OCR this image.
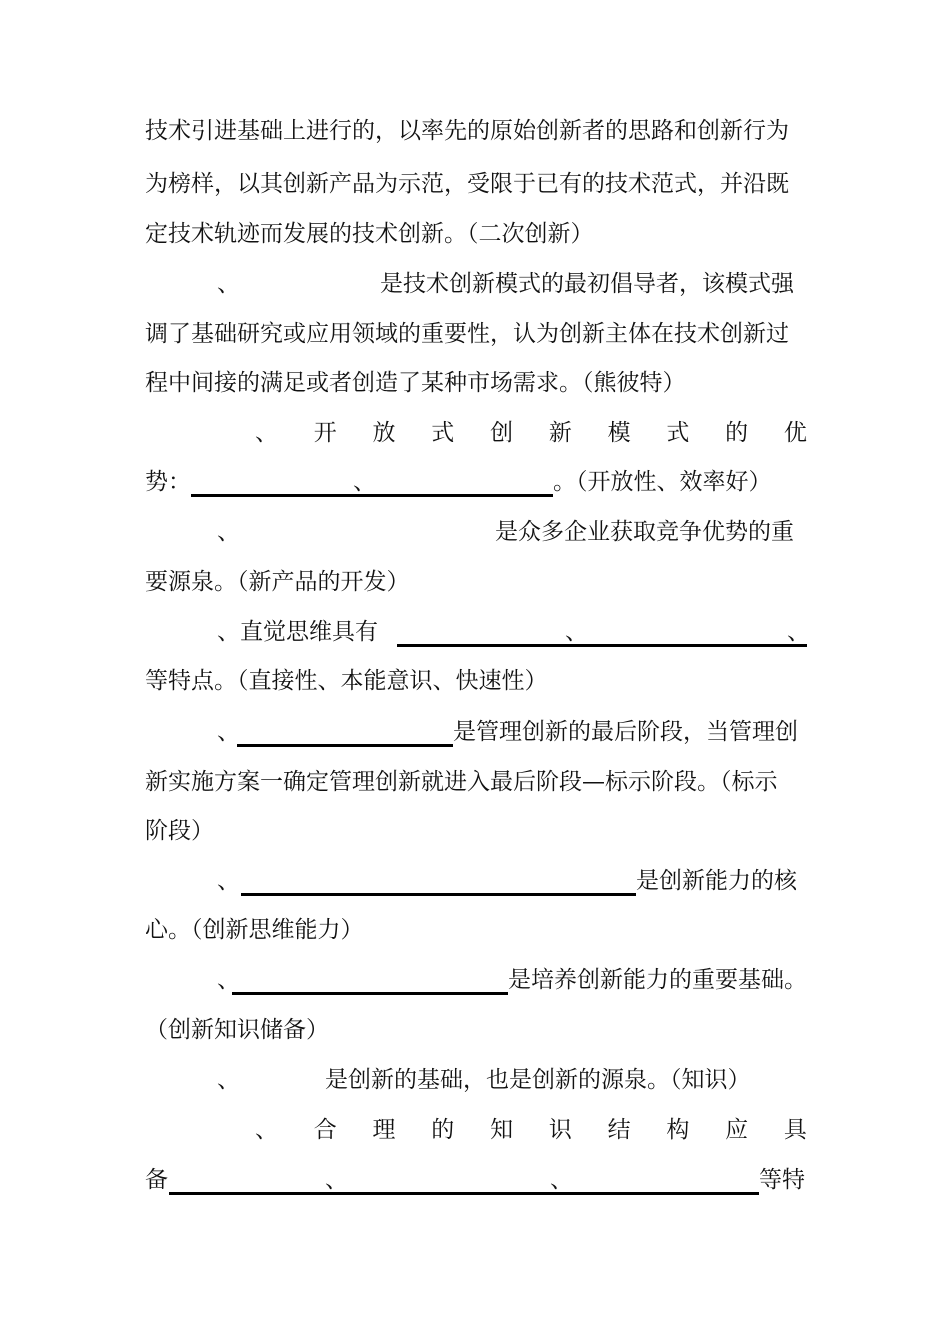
技术引进基础上进行的，以率先的原始创新者的思路和创新行为
为榜样，以其创新产品为示范，受限于已有的技术范式，并沿既
定技术轨迹而发展的技术创新。（二次创新）
、	是技术创新模式的最初倡导者，该模式强
调了基础研究或应用领域的重要性，认为创新主体在技术创新过
程中间接的满足或者创造了某种市场需求。（熊彼特）
、 开 放 式 创 新 模 式 的 优
势：	、	。（开放性、效率好）
、	是众多企业获取竞争优势的重
要源泉。（新产品的开发）
、直觉思维具有	、	、
等特点。（直接性、本能意识、快速性）
、	是管理创新的最后阶段，当管理创
新实施方案一确定管理创新就进入最后阶段—标示阶段。（标示
阶段）
、	是创新能力的核
心。（创新思维能力）
、	是培养创新能力的重要基础。
（创新知识储备）
、	是创新的基础，也是创新的源泉。（知识）
、 合 理 的 知 识 结 构 应 具
备	、	、	等特
